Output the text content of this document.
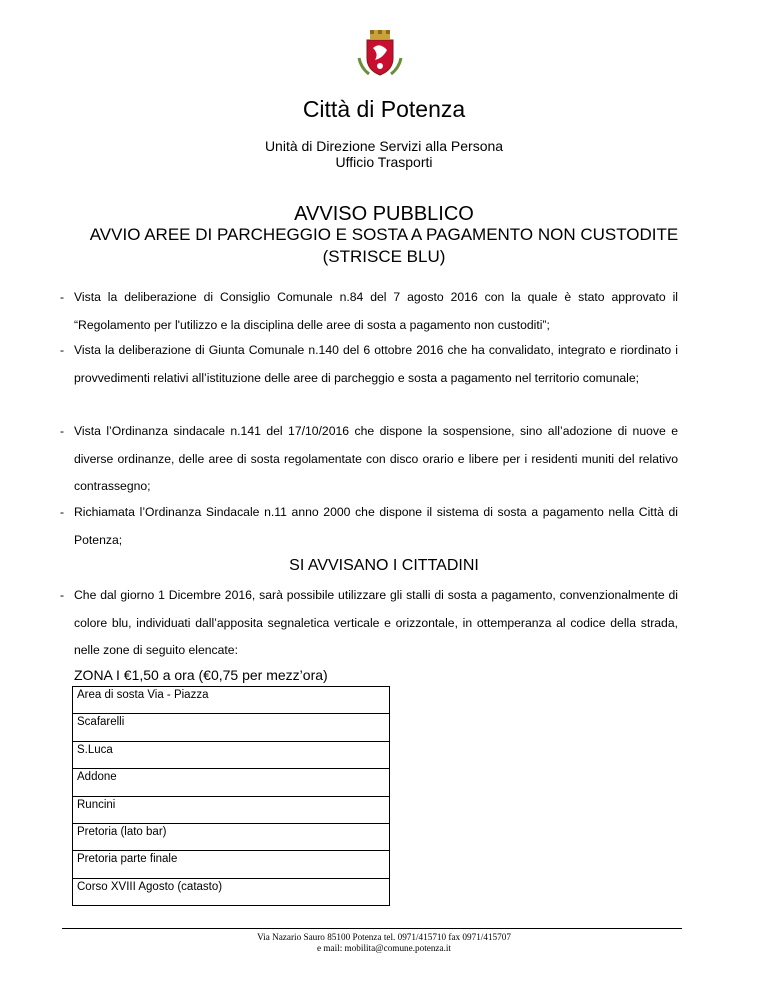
Città di Potenza
Unità di Direzione Servizi alla Persona
Ufficio Trasporti
AVVISO PUBBLICO
AVVIO AREE DI PARCHEGGIO E SOSTA A PAGAMENTO NON CUSTODITE (STRISCE BLU)
- Vista la deliberazione di Consiglio Comunale n.84 del 7 agosto 2016 con la quale è stato approvato il “Regolamento per l'utilizzo e la disciplina delle aree di sosta a pagamento non custoditi”;
- Vista la deliberazione di Giunta Comunale n.140 del 6 ottobre 2016 che ha convalidato, integrato e riordinato i provvedimenti relativi all’istituzione delle aree di parcheggio e sosta a pagamento nel territorio comunale;
- Vista l’Ordinanza sindacale n.141 del 17/10/2016 che dispone la sospensione, sino all’adozione di nuove e diverse ordinanze, delle aree di sosta regolamentate con disco orario e libere per i residenti muniti del relativo contrassegno;
- Richiamata l’Ordinanza Sindacale n.11 anno 2000 che dispone il sistema di sosta a pagamento nella Città di Potenza;
SI AVVISANO I CITTADINI
- Che dal giorno 1 Dicembre 2016, sarà possibile utilizzare gli stalli di sosta a pagamento, convenzionalmente di colore blu, individuati dall’apposita segnaletica verticale e orizzontale, in ottemperanza al codice della strada, nelle zone di seguito elencate:
ZONA I €1,50 a ora (€0,75 per mezz’ora)
Area di sosta Via - Piazza
Scafarelli
S.Luca
Addone
Runcini
Pretoria (lato bar)
Pretoria parte finale
Corso XVIII Agosto (catasto)
Via Nazario Sauro 85100 Potenza tel. 0971/415710 fax 0971/415707
e mail: mobilita@comune.potenza.it
